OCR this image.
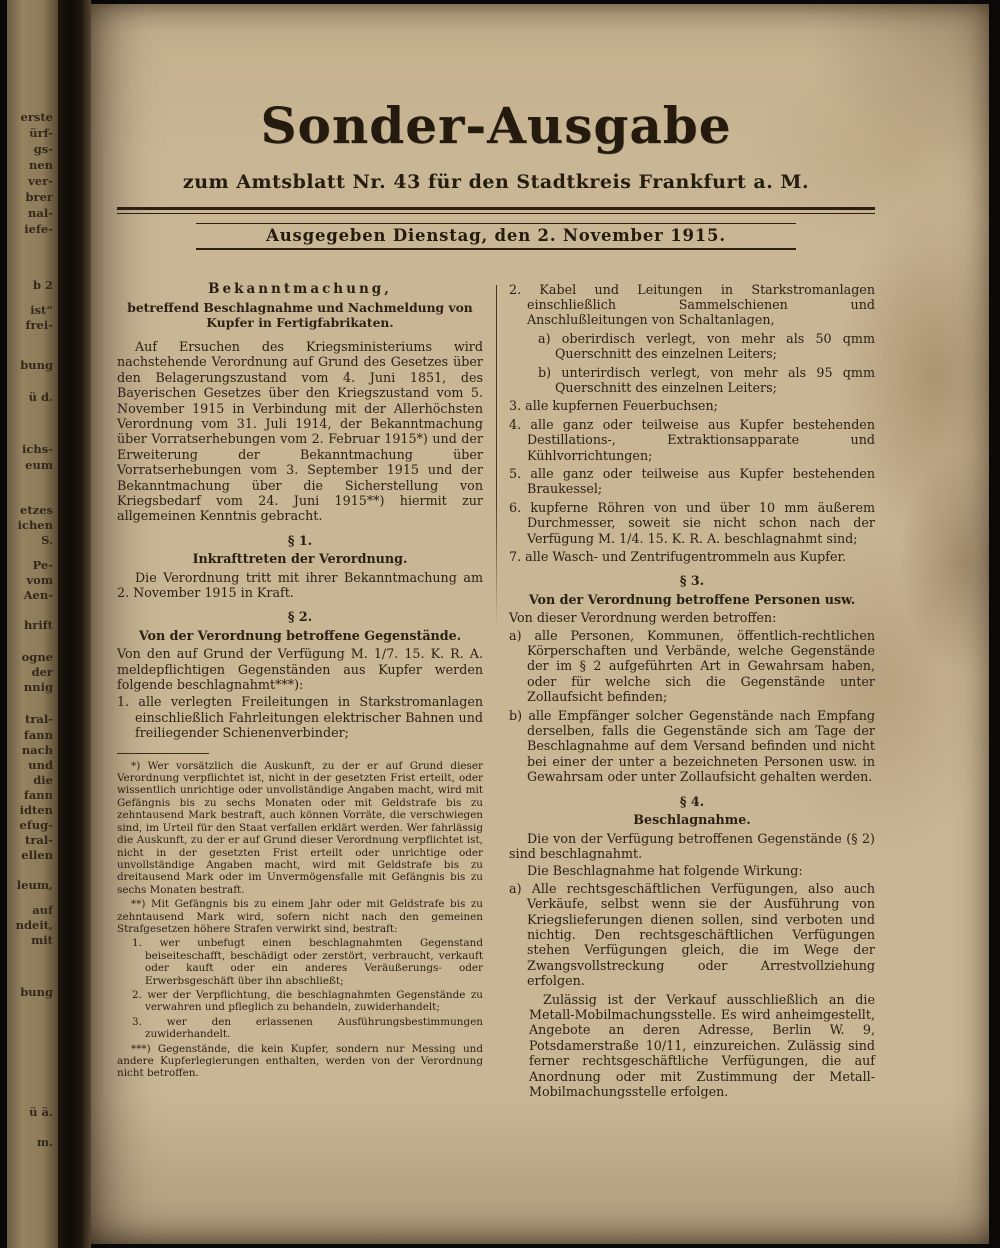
erste
ürf-
gs-
nen
ver-
brer
nal-
iefe-
b 2
ist“
frei-
bung
ü d.
ichs-
eum
etzes
ichen
S.
Pe-
vom
Aen-
hrift
ogne
der
nnig
tral-
fann
nach
und
die
fann
idten
efug-
tral-
ellen
leum,
auf
ndeit,
mit
bung
ü ä.
m.
Sonder-Ausgabe
zum Amtsblatt Nr. 43 für den Stadtkreis Frankfurt a. M.
Ausgegeben Dienstag, den 2. November 1915.
Bekanntmachung,
betreffend Beschlagnahme und Nachmeldung von Kupfer in Fertigfabrikaten.
Auf Ersuchen des Kriegsministeriums wird nachstehende Verordnung auf Grund des Gesetzes über den Belagerungszustand vom 4. Juni 1851, des Bayerischen Gesetzes über den Kriegszustand vom 5. November 1915 in Verbindung mit der Allerhöchsten Verordnung vom 31. Juli 1914, der Bekanntmachung über Vorratserhebungen vom 2. Februar 1915*) und der Erweiterung der Bekanntmachung über Vorratserhebungen vom 3. September 1915 und der Bekanntmachung über die Sicherstellung von Kriegsbedarf vom 24. Juni 1915**) hiermit zur allgemeinen Kenntnis gebracht.
§ 1.
Inkrafttreten der Verordnung.
Die Verordnung tritt mit ihrer Bekanntmachung am 2. November 1915 in Kraft.
§ 2.
Von der Verordnung betroffene Gegenstände.
Von den auf Grund der Verfügung M. 1/7. 15. K. R. A. meldepflichtigen Gegenständen aus Kupfer werden folgende beschlagnahmt***):
1. alle verlegten Freileitungen in Starkstromanlagen einschließlich Fahrleitungen elektrischer Bahnen und freiliegender Schienenverbinder;
*) Wer vorsätzlich die Auskunft, zu der er auf Grund dieser Verordnung verpflichtet ist, nicht in der gesetzten Frist erteilt, oder wissentlich unrichtige oder unvollständige Angaben macht, wird mit Gefängnis bis zu sechs Monaten oder mit Geldstrafe bis zu zehntausend Mark bestraft, auch können Vorräte, die verschwiegen sind, im Urteil für den Staat verfallen erklärt werden. Wer fahrlässig die Auskunft, zu der er auf Grund dieser Verordnung verpflichtet ist, nicht in der gesetzten Frist erteilt oder unrichtige oder unvollständige Angaben macht, wird mit Geldstrafe bis zu dreitausend Mark oder im Unvermögensfalle mit Gefängnis bis zu sechs Monaten bestraft.
**) Mit Gefängnis bis zu einem Jahr oder mit Geldstrafe bis zu zehntausend Mark wird, sofern nicht nach den gemeinen Strafgesetzen höhere Strafen verwirkt sind, bestraft:
1. wer unbefugt einen beschlagnahmten Gegenstand beiseiteschafft, beschädigt oder zerstört, verbraucht, verkauft oder kauft oder ein anderes Veräußerungs- oder Erwerbsgeschäft über ihn abschließt;
2. wer der Verpflichtung, die beschlagnahmten Gegenstände zu verwahren und pfleglich zu behandeln, zuwiderhandelt;
3. wer den erlassenen Ausführungsbestimmungen zuwiderhandelt.
***) Gegenstände, die kein Kupfer, sondern nur Messing und andere Kupferlegierungen enthalten, werden von der Verordnung nicht betroffen.
2. Kabel und Leitungen in Starkstromanlagen einschließlich Sammelschienen und Anschlußleitungen von Schaltanlagen,
a) oberirdisch verlegt, von mehr als 50 qmm Querschnitt des einzelnen Leiters;
b) unterirdisch verlegt, von mehr als 95 qmm Querschnitt des einzelnen Leiters;
3. alle kupfernen Feuerbuchsen;
4. alle ganz oder teilweise aus Kupfer bestehenden Destillations-, Extraktionsapparate und Kühlvorrichtungen;
5. alle ganz oder teilweise aus Kupfer bestehenden Braukessel;
6. kupferne Röhren von und über 10 mm äußerem Durchmesser, soweit sie nicht schon nach der Verfügung M. 1/4. 15. K. R. A. beschlagnahmt sind;
7. alle Wasch- und Zentrifugentrommeln aus Kupfer.
§ 3.
Von der Verordnung betroffene Personen usw.
Von dieser Verordnung werden betroffen:
a) alle Personen, Kommunen, öffentlich-rechtlichen Körperschaften und Verbände, welche Gegenstände der im § 2 aufgeführten Art in Gewahrsam haben, oder für welche sich die Gegenstände unter Zollaufsicht befinden;
b) alle Empfänger solcher Gegenstände nach Empfang derselben, falls die Gegenstände sich am Tage der Beschlagnahme auf dem Versand befinden und nicht bei einer der unter a bezeichneten Personen usw. in Gewahrsam oder unter Zollaufsicht gehalten werden.
§ 4.
Beschlagnahme.
Die von der Verfügung betroffenen Gegenstände (§ 2) sind beschlagnahmt.
Die Beschlagnahme hat folgende Wirkung:
a) Alle rechtsgeschäftlichen Verfügungen, also auch Verkäufe, selbst wenn sie der Ausführung von Kriegslieferungen dienen sollen, sind verboten und nichtig. Den rechtsgeschäftlichen Verfügungen stehen Verfügungen gleich, die im Wege der Zwangsvollstreckung oder Arrestvollziehung erfolgen.
Zulässig ist der Verkauf ausschließlich an die Metall-Mobilmachungsstelle. Es wird anheimgestellt, Angebote an deren Adresse, Berlin W. 9, Potsdamerstraße 10/11, einzureichen. Zulässig sind ferner rechtsgeschäftliche Verfügungen, die auf Anordnung oder mit Zustimmung der Metall-Mobilmachungsstelle erfolgen.
